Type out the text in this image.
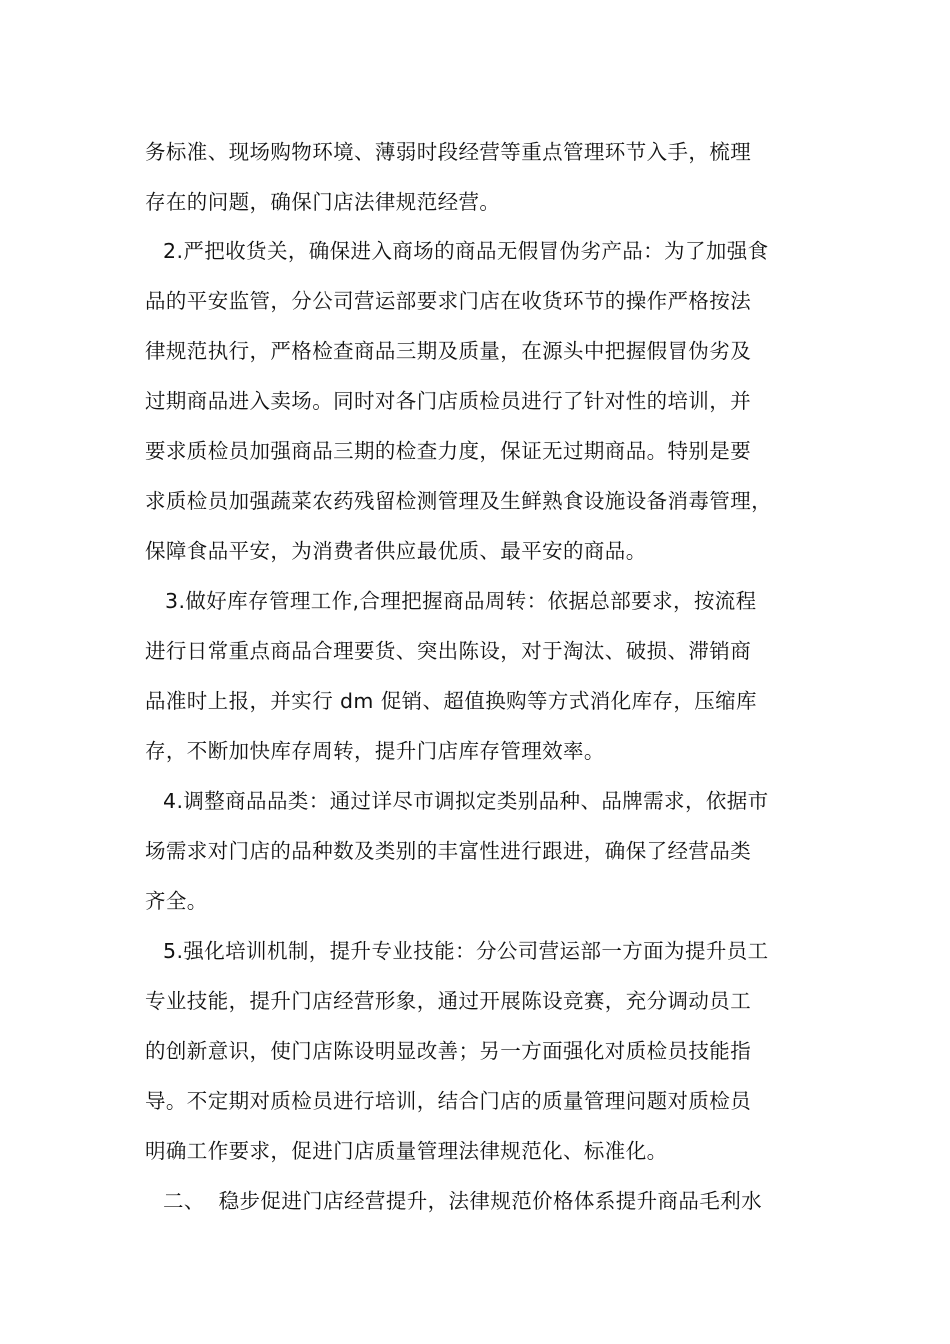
务标准、现场购物环境、薄弱时段经营等重点管理环节入手，梳理
存在的问题，确保门店法律规范经营。
2.严把收货关，确保进入商场的商品无假冒伪劣产品：为了加强食
品的平安监管，分公司营运部要求门店在收货环节的操作严格按法
律规范执行，严格检查商品三期及质量，在源头中把握假冒伪劣及
过期商品进入卖场。同时对各门店质检员进行了针对性的培训，并
要求质检员加强商品三期的检查力度，保证无过期商品。特别是要
求质检员加强蔬菜农药残留检测管理及生鲜熟食设施设备消毒管理，
保障食品平安，为消费者供应最优质、最平安的商品。
3.做好库存管理工作,合理把握商品周转：依据总部要求，按流程
进行日常重点商品合理要货、突出陈设，对于淘汰、破损、滞销商
品准时上报，并实行 dm 促销、超值换购等方式消化库存，压缩库
存，不断加快库存周转，提升门店库存管理效率。
4.调整商品品类：通过详尽市调拟定类别品种、品牌需求，依据市
场需求对门店的品种数及类别的丰富性进行跟进，确保了经营品类
齐全。
5.强化培训机制，提升专业技能：分公司营运部一方面为提升员工
专业技能，提升门店经营形象，通过开展陈设竞赛，充分调动员工
的创新意识，使门店陈设明显改善；另一方面强化对质检员技能指
导。不定期对质检员进行培训，结合门店的质量管理问题对质检员
明确工作要求，促进门店质量管理法律规范化、标准化。
二、  稳步促进门店经营提升，法律规范价格体系提升商品毛利水
